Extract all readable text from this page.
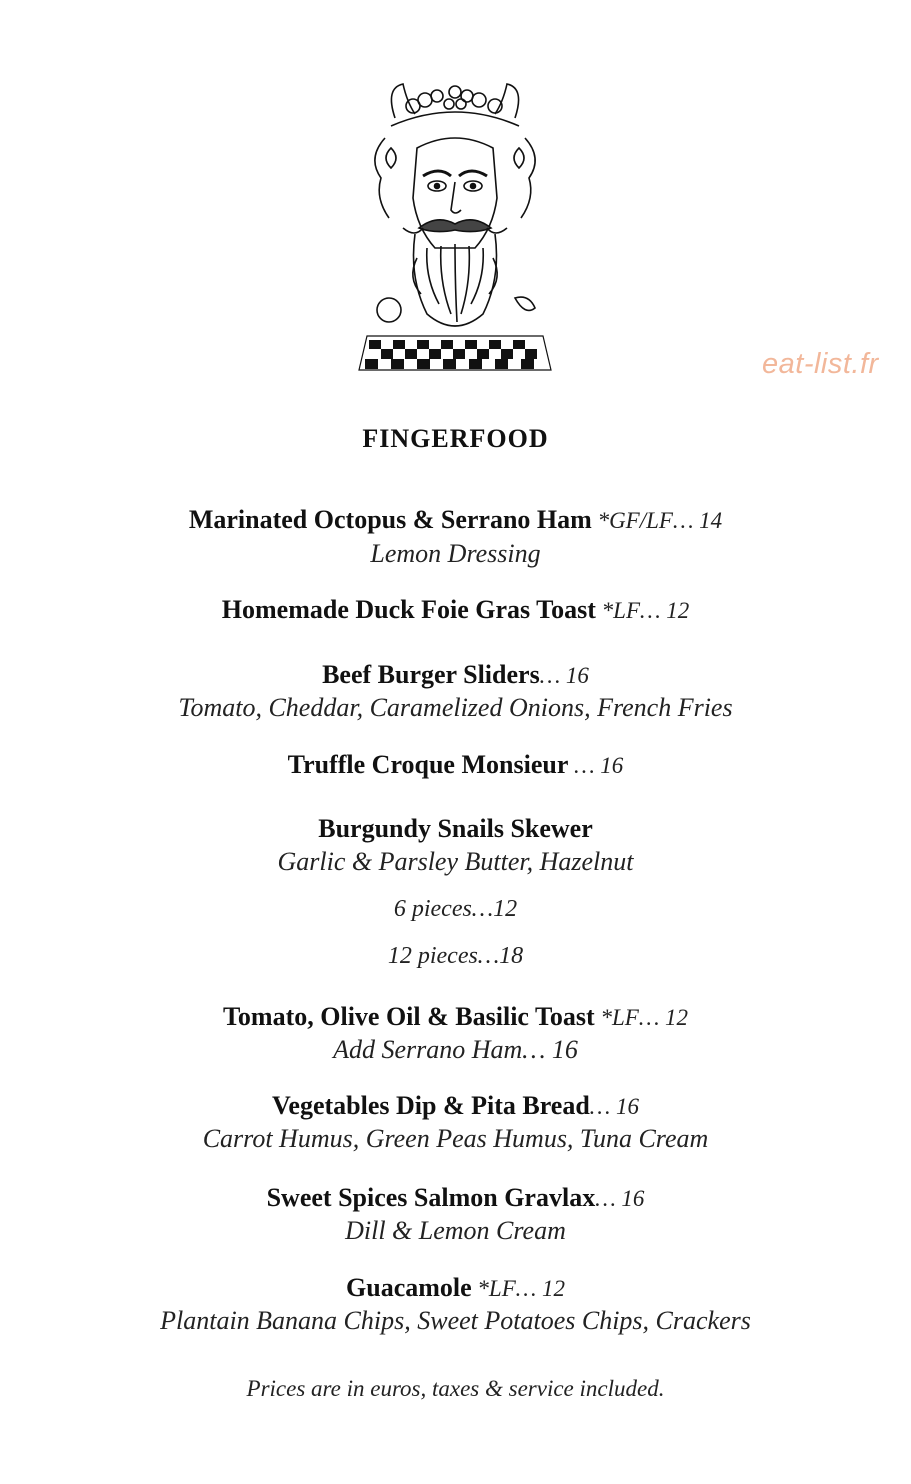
eat-list.fr
FINGERFOOD
Marinated Octopus & Serrano Ham *GF/LF… 14
Lemon Dressing
Homemade Duck Foie Gras Toast *LF… 12
Beef Burger Sliders… 16
Tomato, Cheddar, Caramelized Onions, French Fries
Truffle Croque Monsieur … 16
Burgundy Snails Skewer
Garlic & Parsley Butter, Hazelnut
6 pieces…12
12 pieces…18
Tomato, Olive Oil & Basilic Toast *LF… 12
Add Serrano Ham… 16
Vegetables Dip & Pita Bread… 16
Carrot Humus, Green Peas Humus, Tuna Cream
Sweet Spices Salmon Gravlax… 16
Dill & Lemon Cream
Guacamole *LF… 12
Plantain Banana Chips, Sweet Potatoes Chips, Crackers
Prices are in euros, taxes & service included.
